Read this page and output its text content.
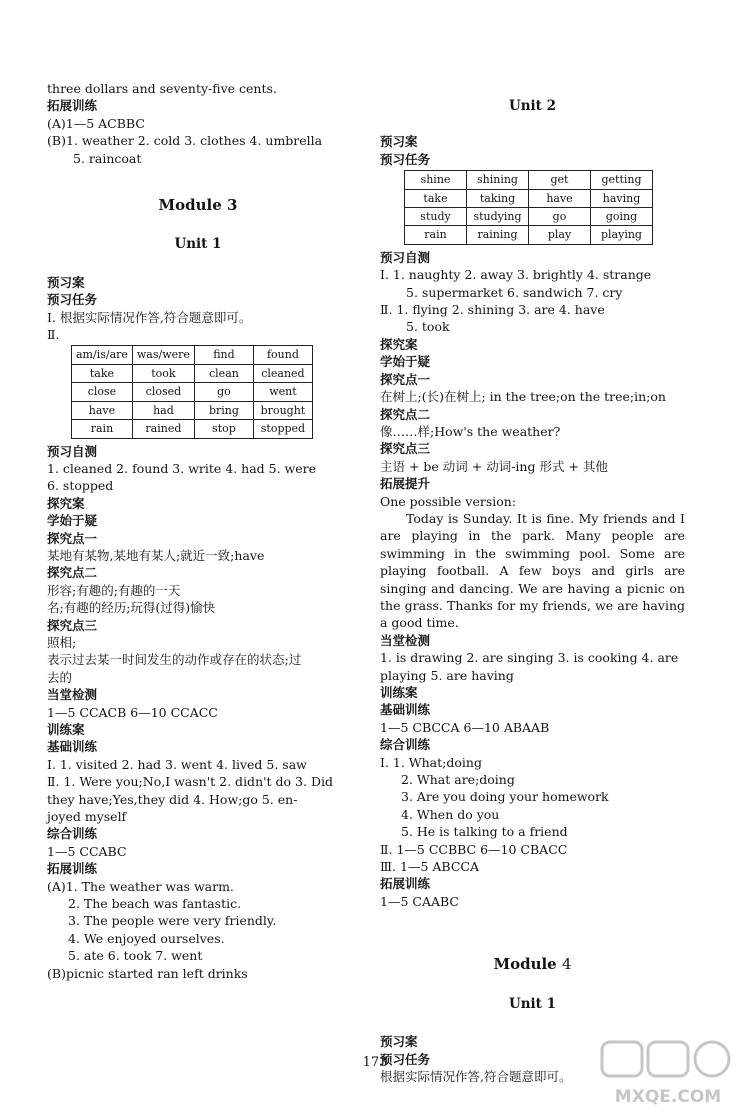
three dollars and seventy-five cents.
拓展训练
(A)1—5 ACBBC
(B)1. weather 2. cold 3. clothes 4. umbrella
5. raincoat
Module 3
Unit 1
预习案
预习任务
Ⅰ. 根据实际情况作答,符合题意即可。
Ⅱ.
am/is/are	was/were	find	found
take	took	clean	cleaned
close	closed	go	went
have	had	bring	brought
rain	rained	stop	stopped
预习自测
1. cleaned 2. found 3. write 4. had 5. were
6. stopped
探究案
学始于疑
探究点一
某地有某物,某地有某人;就近一致;have
探究点二
形容;有趣的;有趣的一天
名;有趣的经历;玩得(过得)愉快
探究点三
照相;
表示过去某一时间发生的动作或存在的状态;过
去的
当堂检测
1—5 CCACB 6—10 CCACC
训练案
基础训练
Ⅰ. 1. visited 2. had 3. went 4. lived 5. saw
Ⅱ. 1. Were you;No,I wasn't 2. didn't do 3. Did
they have;Yes,they did 4. How;go 5. en-
joyed myself
综合训练
1—5 CCABC
拓展训练
(A)1. The weather was warm.
2. The beach was fantastic.
3. The people were very friendly.
4. We enjoyed ourselves.
5. ate 6. took 7. went
(B)picnic started ran left drinks
Unit 2
预习案
预习任务
shine	shining	get	getting
take	taking	have	having
study	studying	go	going
rain	raining	play	playing
预习自测
Ⅰ. 1. naughty 2. away 3. brightly 4. strange
5. supermarket 6. sandwich 7. cry
Ⅱ. 1. flying 2. shining 3. are 4. have
5. took
探究案
学始于疑
探究点一
在树上;(长)在树上; in the tree;on the tree;in;on
探究点二
像……样;How's the weather?
探究点三
主语 + be 动词 + 动词-ing 形式 + 其他
拓展提升
One possible version:
Today is Sunday. It is fine. My friends and I are playing in the park. Many people are swimming in the swimming pool. Some are playing football. A few boys and girls are singing and dancing. We are having a picnic on the grass. Thanks for my friends, we are having a good time.
当堂检测
1. is drawing 2. are singing 3. is cooking 4. are
playing 5. are having
训练案
基础训练
1—5 CBCCA 6—10 ABAAB
综合训练
Ⅰ. 1. What;doing
2. What are;doing
3. Are you doing your homework
4. When do you
5. He is talking to a friend
Ⅱ. 1—5 CCBBC 6—10 CBACC
Ⅲ. 1—5 ABCCA
拓展训练
1—5 CAABC
Module 4
Unit 1
预习案
预习任务
根据实际情况作答,符合题意即可。
173
MXQE.COM
